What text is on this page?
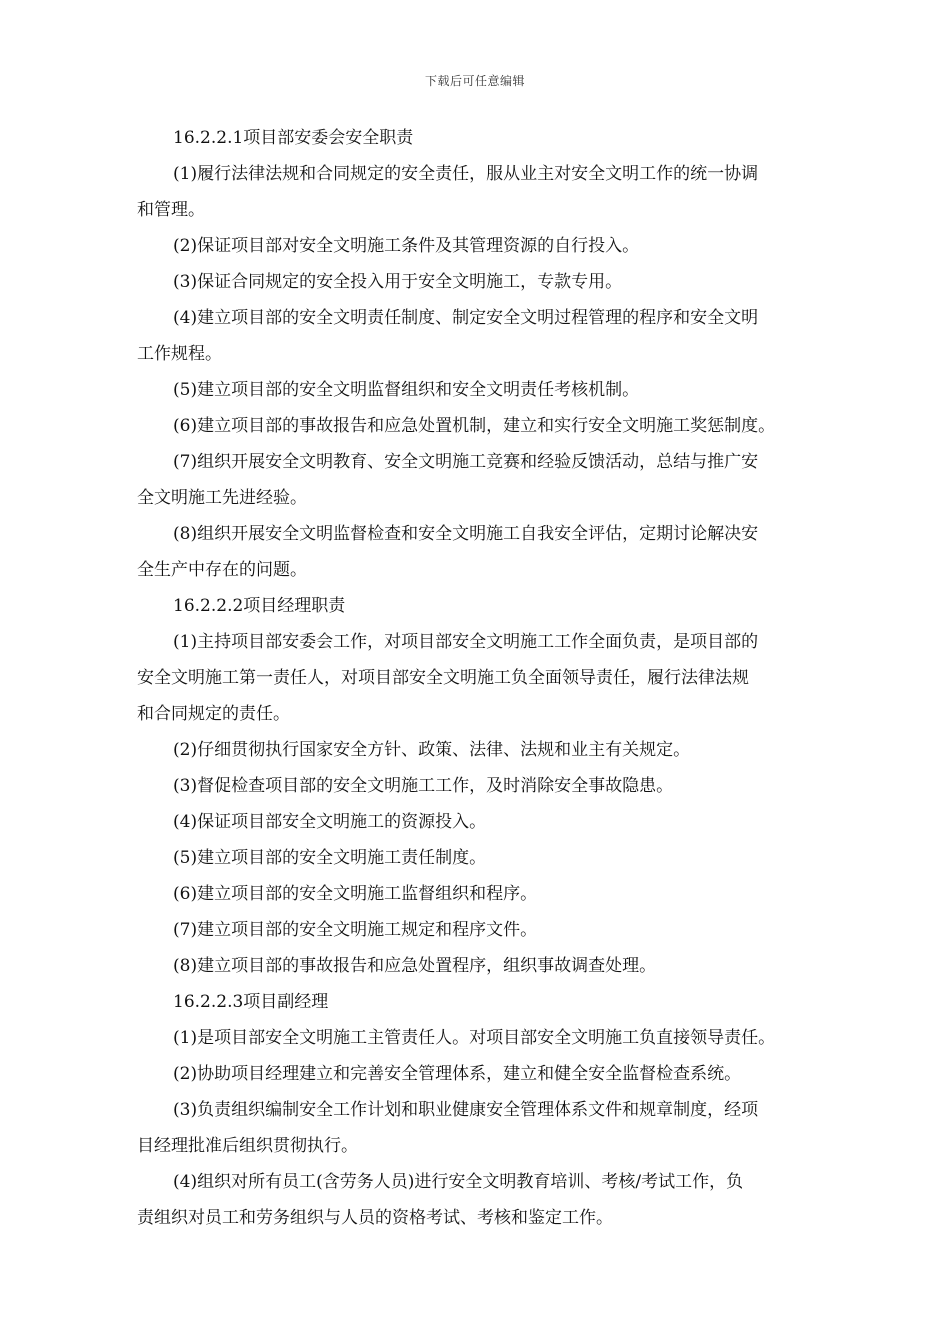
下载后可任意编辑
16.2.2.1项目部安委会安全职责
(1)履行法律法规和合同规定的安全责任，服从业主对安全文明工作的统一协调
和管理。
(2)保证项目部对安全文明施工条件及其管理资源的自行投入。
(3)保证合同规定的安全投入用于安全文明施工，专款专用。
(4)建立项目部的安全文明责任制度、制定安全文明过程管理的程序和安全文明
工作规程。
(5)建立项目部的安全文明监督组织和安全文明责任考核机制。
(6)建立项目部的事故报告和应急处置机制，建立和实行安全文明施工奖惩制度。
(7)组织开展安全文明教育、安全文明施工竞赛和经验反馈活动，总结与推广安
全文明施工先进经验。
(8)组织开展安全文明监督检查和安全文明施工自我安全评估，定期讨论解决安
全生产中存在的问题。
16.2.2.2项目经理职责
(1)主持项目部安委会工作，对项目部安全文明施工工作全面负责，是项目部的
安全文明施工第一责任人，对项目部安全文明施工负全面领导责任，履行法律法规
和合同规定的责任。
(2)仔细贯彻执行国家安全方针、政策、法律、法规和业主有关规定。
(3)督促检查项目部的安全文明施工工作，及时消除安全事故隐患。
(4)保证项目部安全文明施工的资源投入。
(5)建立项目部的安全文明施工责任制度。
(6)建立项目部的安全文明施工监督组织和程序。
(7)建立项目部的安全文明施工规定和程序文件。
(8)建立项目部的事故报告和应急处置程序，组织事故调查处理。
16.2.2.3项目副经理
(1)是项目部安全文明施工主管责任人。对项目部安全文明施工负直接领导责任。
(2)协助项目经理建立和完善安全管理体系，建立和健全安全监督检查系统。
(3)负责组织编制安全工作计划和职业健康安全管理体系文件和规章制度，经项
目经理批准后组织贯彻执行。
(4)组织对所有员工(含劳务人员)进行安全文明教育培训、考核/考试工作，负
责组织对员工和劳务组织与人员的资格考试、考核和鉴定工作。
